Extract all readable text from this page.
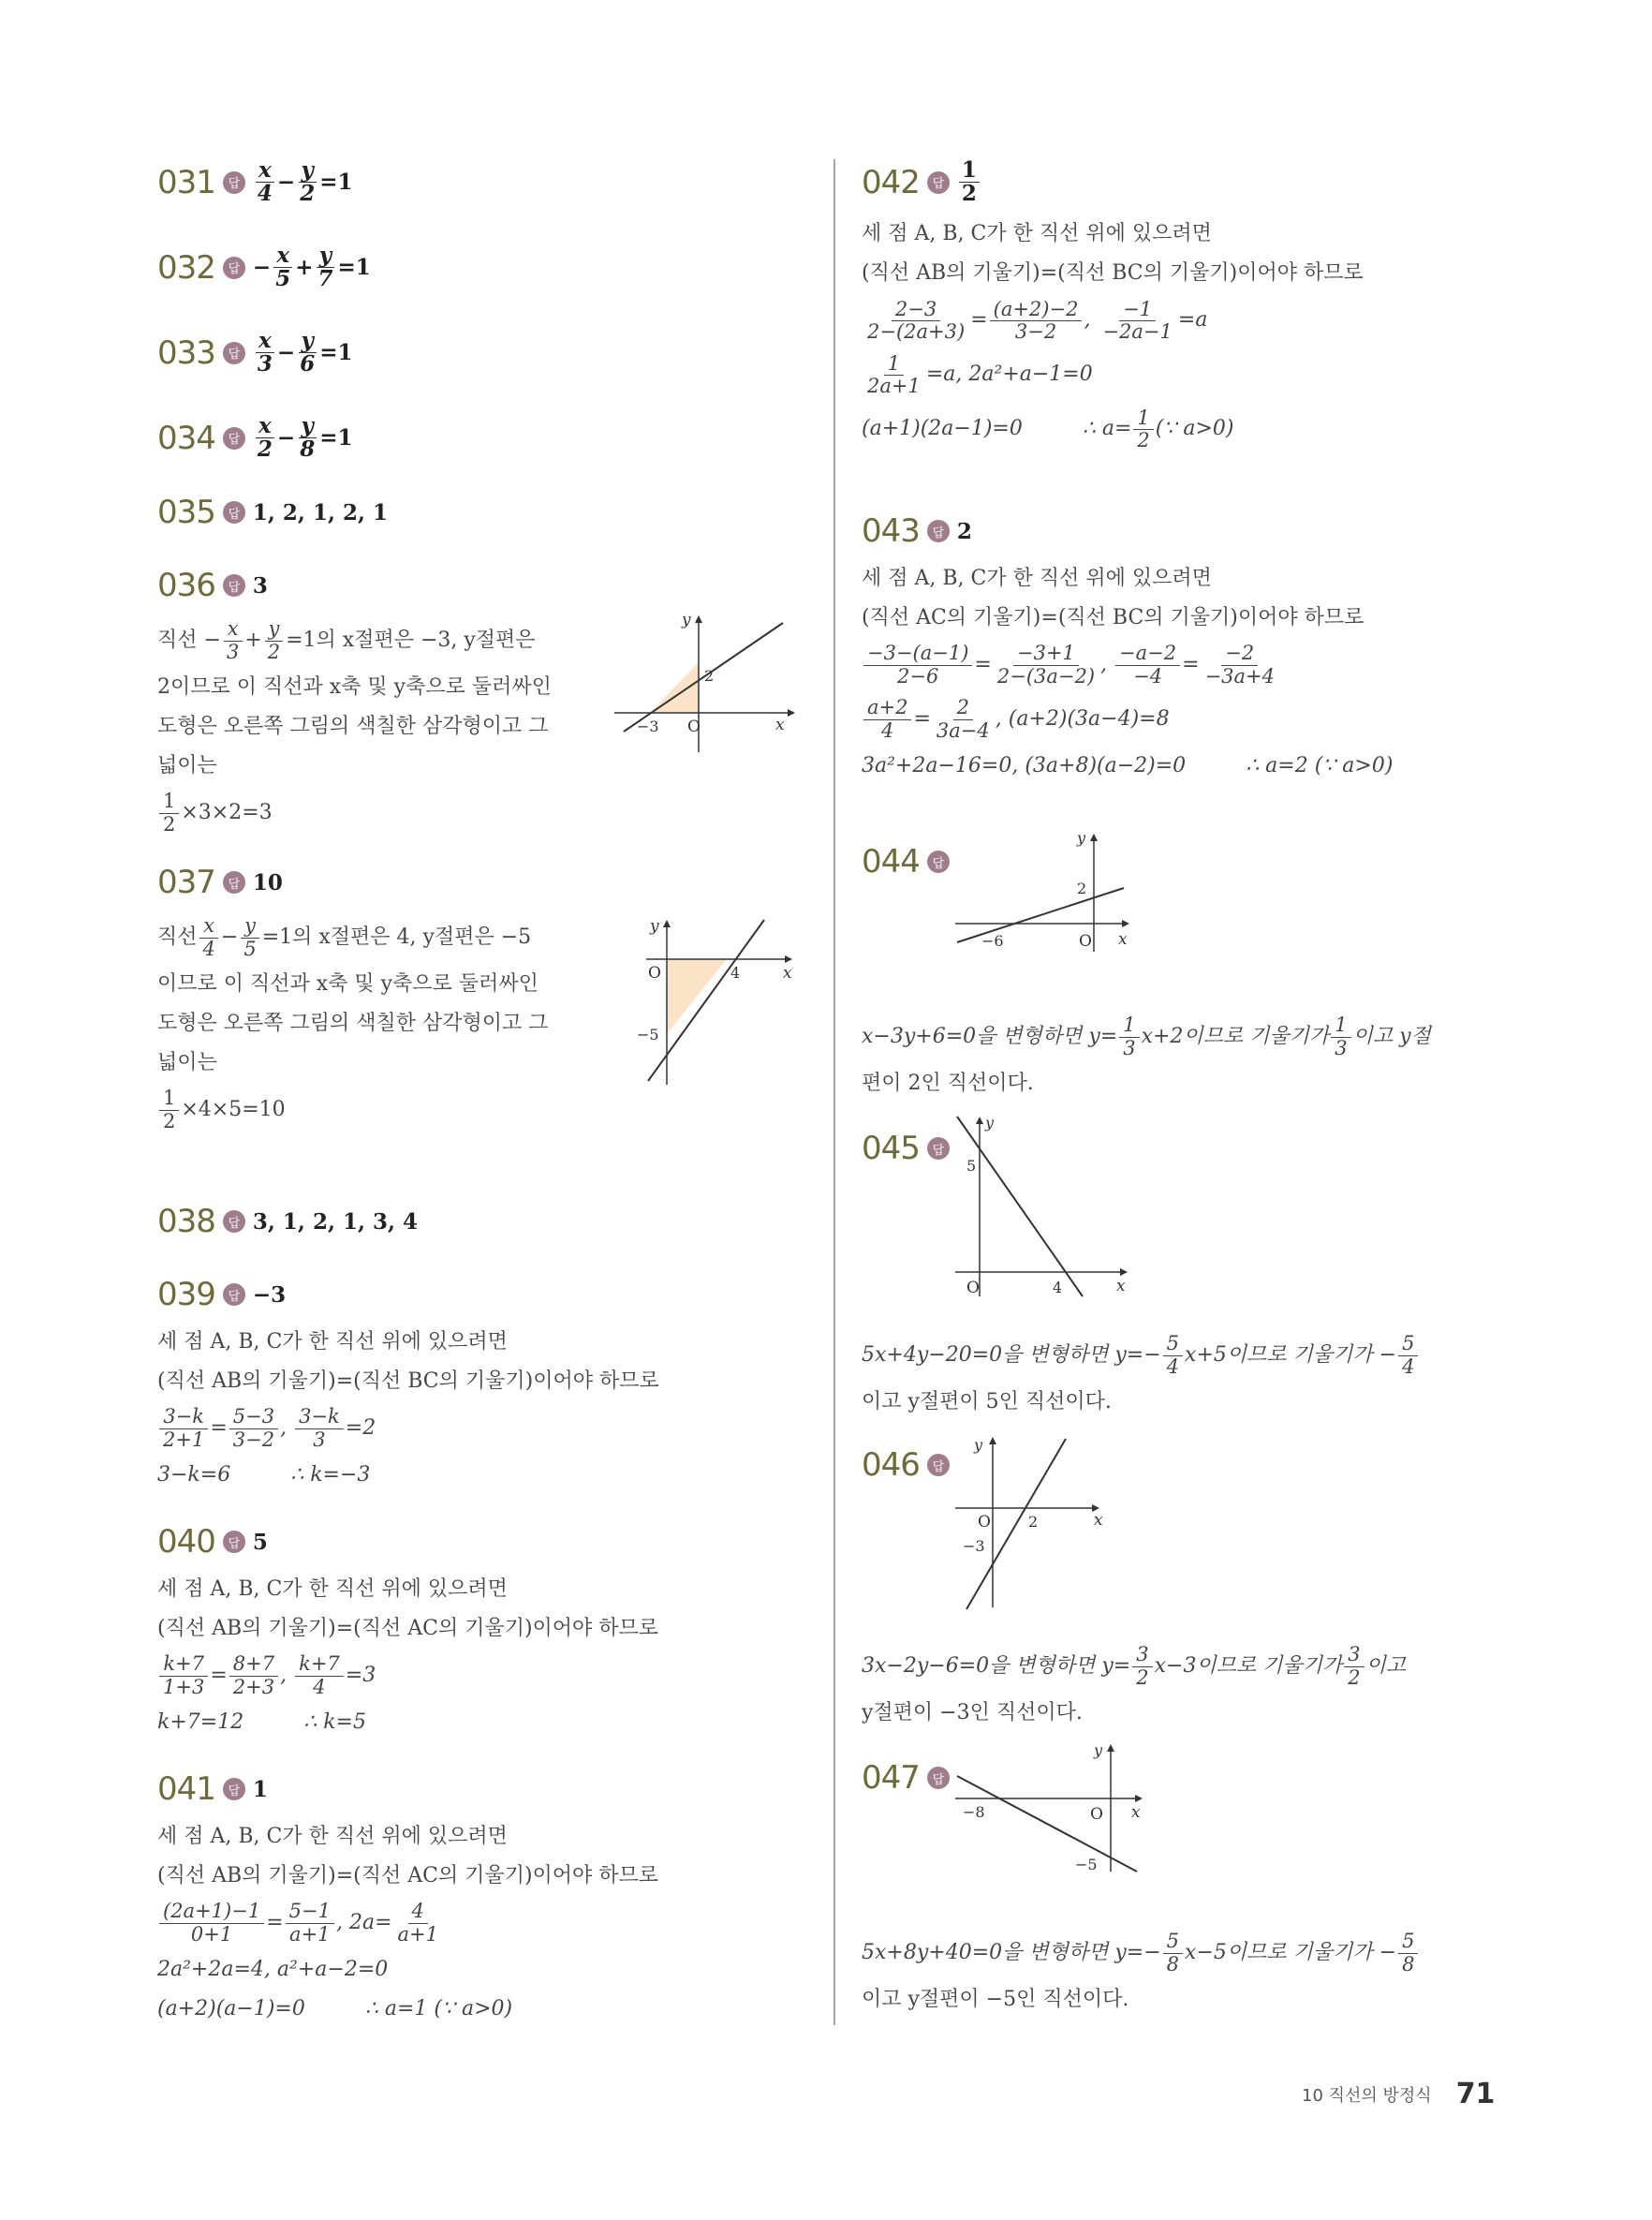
031	답 $\frac{x}{4} - \frac{y}{2} =1$
032	답 − $\frac{x}{5} + \frac{y}{7} =1$
033	답 $\frac{x}{3} - \frac{y}{6} =1$
034	답 $\frac{x}{2} - \frac{y}{8} =1$
035	답 1, 2, 1, 2, 1
036	답 3
직선 − $\frac{x}{3} + \frac{y}{2} =1$의 x절편은 −3, y절편은
2이므로 이 직선과 x축 및 y축으로 둘러싸인
도형은 오른쪽 그림의 색칠한 삼각형이고 그
넓이는
$\frac{1}{2} \times 3\times 2=3$
y
x
O
−3
2
037	답 10
직선 x
$4 - \frac{y}{5} =1$의 x절편은 4, y절편은 −5
이므로 이 직선과 x축 및 y축으로 둘러싸인
도형은 오른쪽 그림의 색칠한 삼각형이고 그
넓이는
$\frac{1}{2} \times 4\times 5=10$
y
x
O	4
−5
038	답 3, 1, 2, 1, 3, 4
039	답 −3
세 점 A, B, C가 한 직선 위에 있으려면
(직선 AB의 기울기)=(직선 BC의 기울기)이어야 하므로
$\frac{3-k}{2+1} = \frac{5-3}{3-2}$ ,
$\frac{3-k}{3} =2$
3−k=6	∴ k=−3
040	답 5
세 점 A, B, C가 한 직선 위에 있으려면
(직선 AB의 기울기)=(직선 AC의 기울기)이어야 하므로
$\frac{k+7}{1+3} = \frac{8+7}{2+3}$ ,
$\frac{k+7}{4} =3$
k+7=12	∴ k=5
041	답 1
세 점 A, B, C가 한 직선 위에 있으려면
(직선 AB의 기울기)=(직선 AC의 기울기)이어야 하므로
$\frac{(2a+1)-1}{0+1} = \frac{5-1}{a+1}$ ,
$2a= \frac{4}{a+1}$
2a²+2a=4, a²+a−2=0
(a+2)(a−1)=0	∴ a=1 (∵ a>0)
042	답 $\frac{1}{2}$
세 점 A, B, C가 한 직선 위에 있으려면
(직선 AB의 기울기)=(직선 BC의 기울기)이어야 하므로
$\frac{2-3}{2-(2a+3)} = \frac{(a+2)-2}{3-2}$ ,
$\frac{-1}{-2a-1} =a$
$\frac{1}{2a+1} =a$, 2a²+a−1=0
(a+1)(2a−1)=0	∴ $a= \frac{1}{2}$ (∵ a>0)
043	답 2
세 점 A, B, C가 한 직선 위에 있으려면
(직선 AC의 기울기)=(직선 BC의 기울기)이어야 하므로
$\frac{-3-(a-1)}{2-6} = \frac{-3+1}{2-(3a-2)}$ ,
$\frac{-a-2}{-4} = \frac{-2}{-3a+4}$
$\frac{a+2}{4} = \frac{2}{3a-4}$ , (a+2)(3a−4)=8
3a²+2a−16=0, (3a+8)(a−2)=0	∴ a=2 (∵ a>0)
044	답
y
x
O
−6
2
x−3y+6=0을 변형하면 $y= \frac{1}{3} x+2$이므로 기울기가 1
3 이고 y절
편이 2인 직선이다.
045	답
y
x
O	4
5
5x+4y−20=0을 변형하면 $y=- \frac{5}{4} x+5$이므로 기울기가 − $\frac{5}{4}$
이고 y절편이 5인 직선이다.
046	답
y
x
O	2
−3
3x−2y−6=0을 변형하면 $y= \frac{3}{2} x-3$이므로 기울기가 3
2 이고
y절편이 −3인 직선이다.
047	답
y
x
O
−8
−5
5x+8y+40=0을 변형하면 $y=- \frac{5}{8} x-5$이므로 기울기가 − $\frac{5}{8}$
이고 y절편이 −5인 직선이다.
10 직선의 방정식 71
